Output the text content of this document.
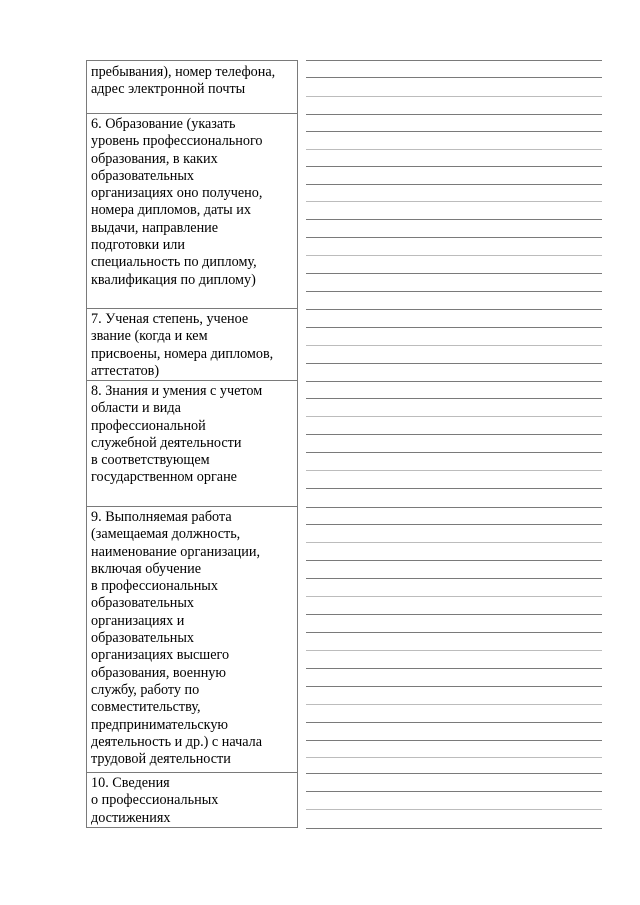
пребывания), номер телефона,
адрес электронной почты
6. Образование (указать
уровень профессионального
образования, в каких
образовательных
организациях оно получено,
номера дипломов, даты их
выдачи, направление
подготовки или
специальность по диплому,
квалификация по диплому)
7. Ученая степень, ученое
звание (когда и кем
присвоены, номера дипломов,
аттестатов)
8. Знания и умения с учетом
области и вида
профессиональной
служебной деятельности
в соответствующем
государственном органе
9. Выполняемая работа
(замещаемая должность,
наименование организации,
включая обучение
в профессиональных
образовательных
организациях и
образовательных
организациях высшего
образования, военную
службу, работу по
совместительству,
предпринимательскую
деятельность и др.) с начала
трудовой деятельности
10. Сведения
о профессиональных
достижениях
